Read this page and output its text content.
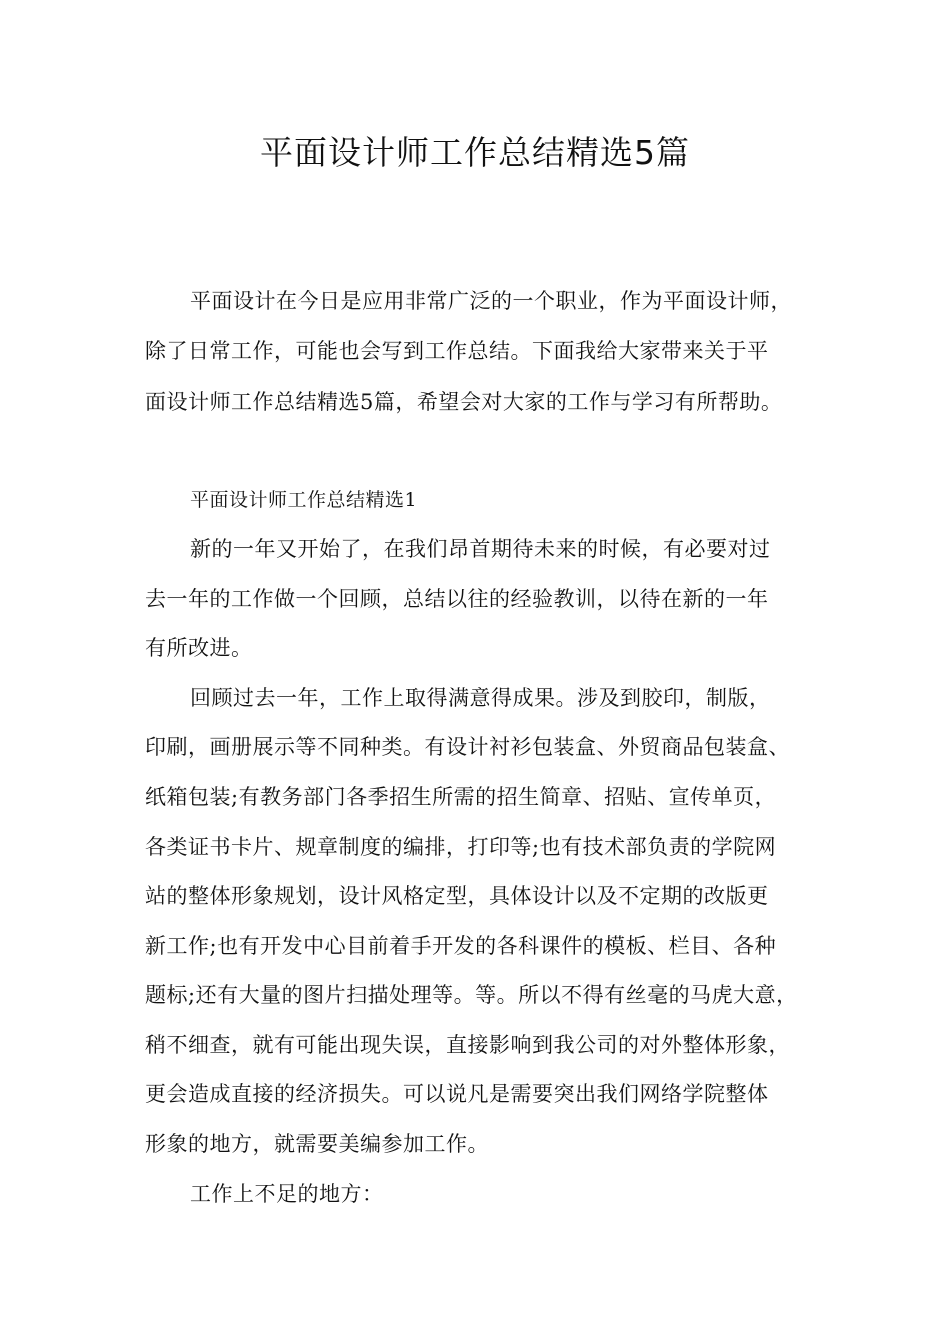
平面设计师工作总结精选5篇
平面设计在今日是应用非常广泛的一个职业，作为平面设计师，
除了日常工作，可能也会写到工作总结。下面我给大家带来关于平
面设计师工作总结精选5篇，希望会对大家的工作与学习有所帮助。
平面设计师工作总结精选1
新的一年又开始了，在我们昂首期待未来的时候，有必要对过
去一年的工作做一个回顾，总结以往的经验教训，以待在新的一年
有所改进。
回顾过去一年，工作上取得满意得成果。涉及到胶印，制版，
印刷，画册展示等不同种类。有设计衬衫包装盒、外贸商品包装盒、
纸箱包装;有教务部门各季招生所需的招生简章、招贴、宣传单页，
各类证书卡片、规章制度的编排，打印等;也有技术部负责的学院网
站的整体形象规划，设计风格定型，具体设计以及不定期的改版更
新工作;也有开发中心目前着手开发的各科课件的模板、栏目、各种
题标;还有大量的图片扫描处理等。等。所以不得有丝毫的马虎大意，
稍不细查，就有可能出现失误，直接影响到我公司的对外整体形象，
更会造成直接的经济损失。可以说凡是需要突出我们网络学院整体
形象的地方，就需要美编参加工作。
工作上不足的地方：
